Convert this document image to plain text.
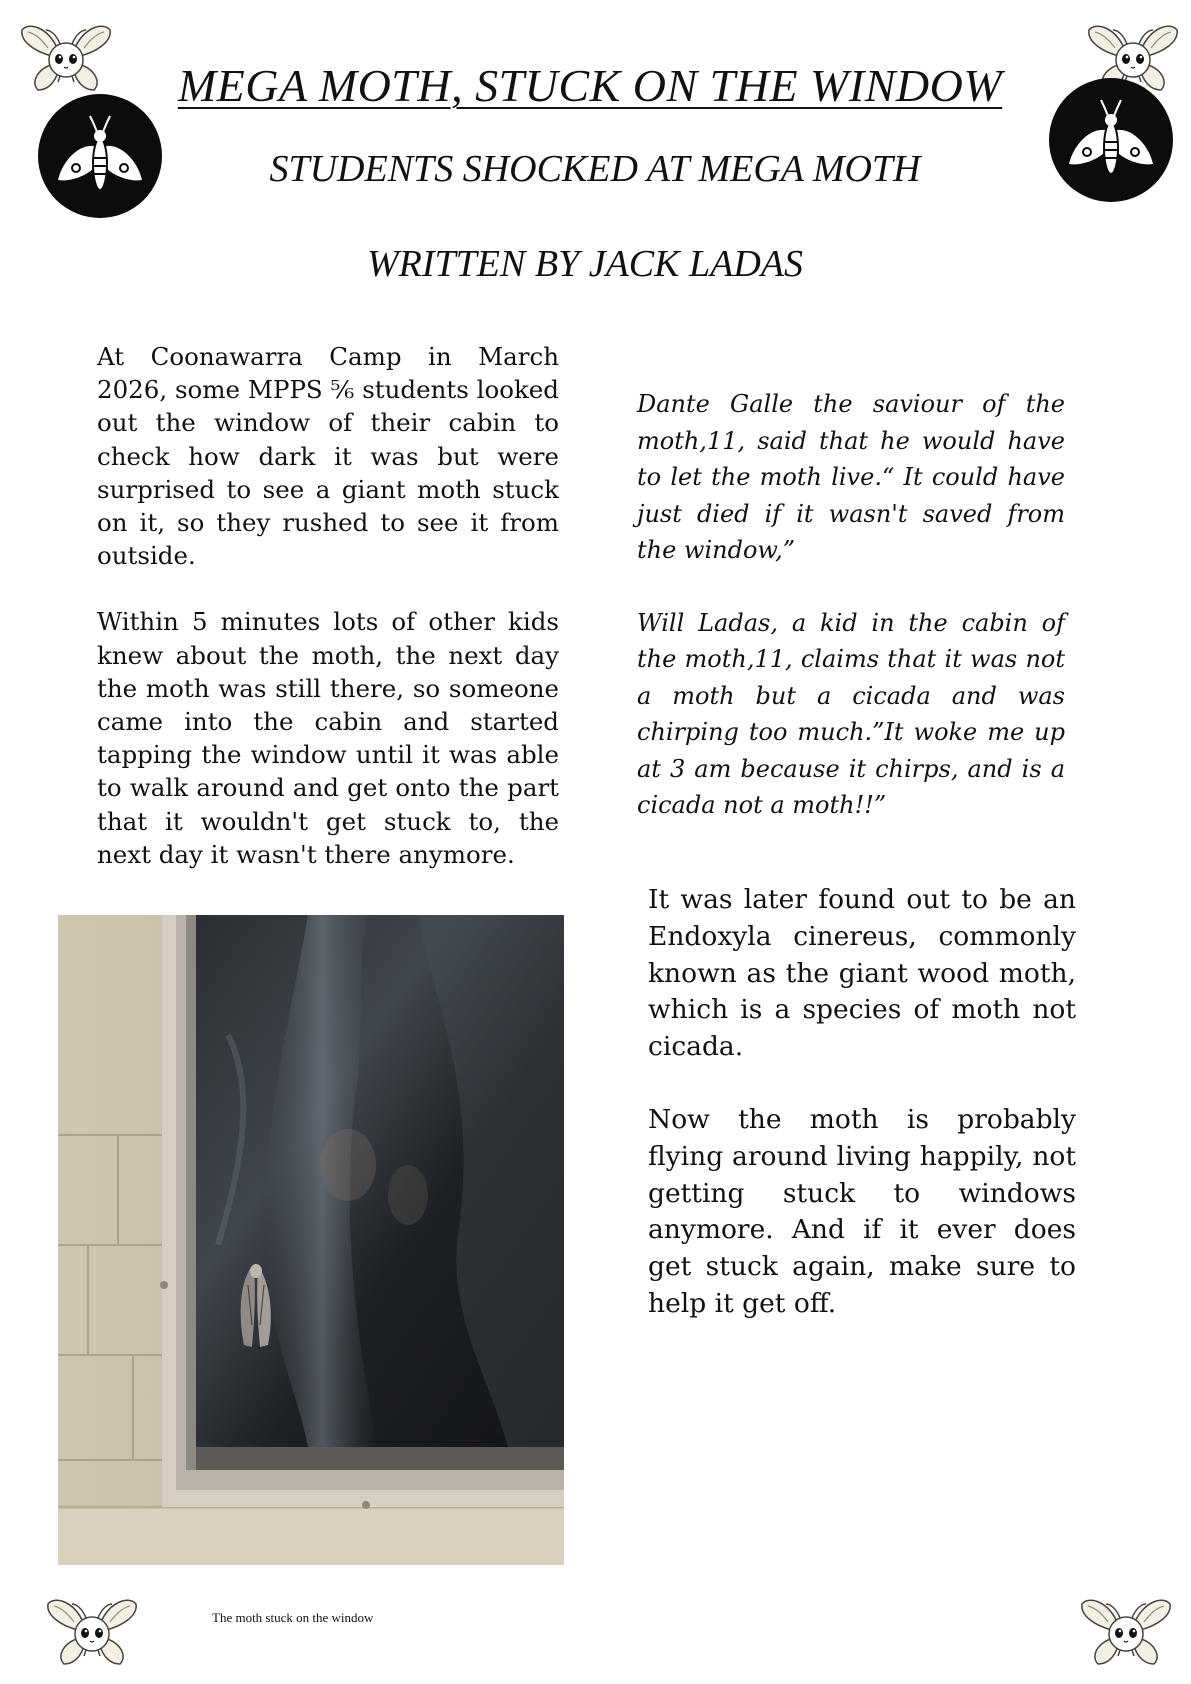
MEGA MOTH, STUCK ON THE WINDOW
STUDENTS SHOCKED AT MEGA MOTH
WRITTEN BY JACK LADAS

At Coonawarra Camp in March 2026, some MPPS ⅚ students looked out the window of their cabin to check how dark it was but were surprised to see a giant moth stuck on it, so they rushed to see it from outside.

Within 5 minutes lots of other kids knew about the moth, the next day the moth was still there, so someone came into the cabin and started tapping the window until it was able to walk around and get onto the part that it wouldn't get stuck to, the next day it wasn't there anymore.

Dante Galle the saviour of the moth,11, said that he would have to let the moth live.“ It could have just died if it wasn't saved from the window,”

Will Ladas, a kid in the cabin of the moth,11, claims that it was not a moth but a cicada and was chirping too much.”It woke me up at 3 am because it chirps, and is a cicada not a moth!!”

It was later found out to be an Endoxyla cinereus, commonly known as the giant wood moth, which is a species of moth not cicada.

Now the moth is probably flying around living happily, not getting stuck to windows anymore. And if it ever does get stuck again, make sure to help it get off.

The moth stuck on the window
